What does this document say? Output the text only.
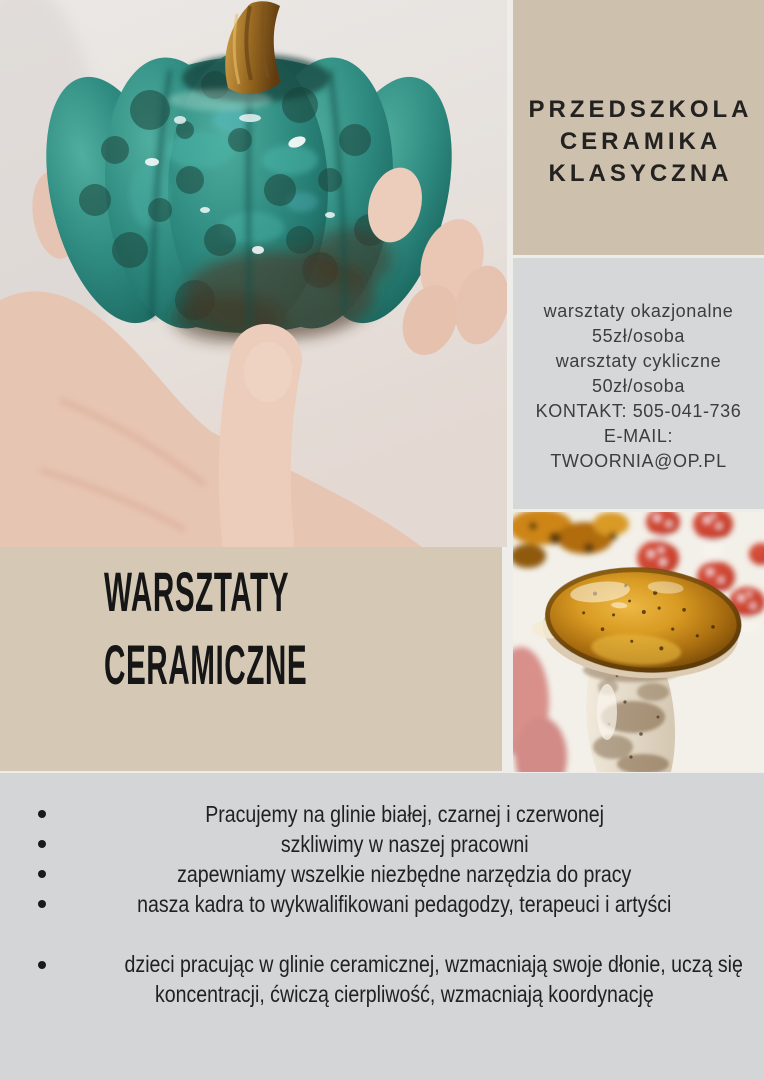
PRZEDSZKOLA
CERAMIKA
KLASYCZNA
warsztaty okazjonalne
55zł/osoba
warsztaty cykliczne
50zł/osoba
KONTAKT: 505-041-736
E-MAIL:
TWOORNIA@OP.PL
WARSZTATY
CERAMICZNE
Pracujemy na glinie białej, czarnej i czerwonej
szkliwimy w naszej pracowni
zapewniamy wszelkie niezbędne narzędzia do pracy
nasza kadra to wykwalifikowani pedagodzy, terapeuci i artyści
dzieci pracując w glinie ceramicznej, wzmacniają swoje dłonie, uczą się
koncentracji, ćwiczą cierpliwość, wzmacniają koordynację
